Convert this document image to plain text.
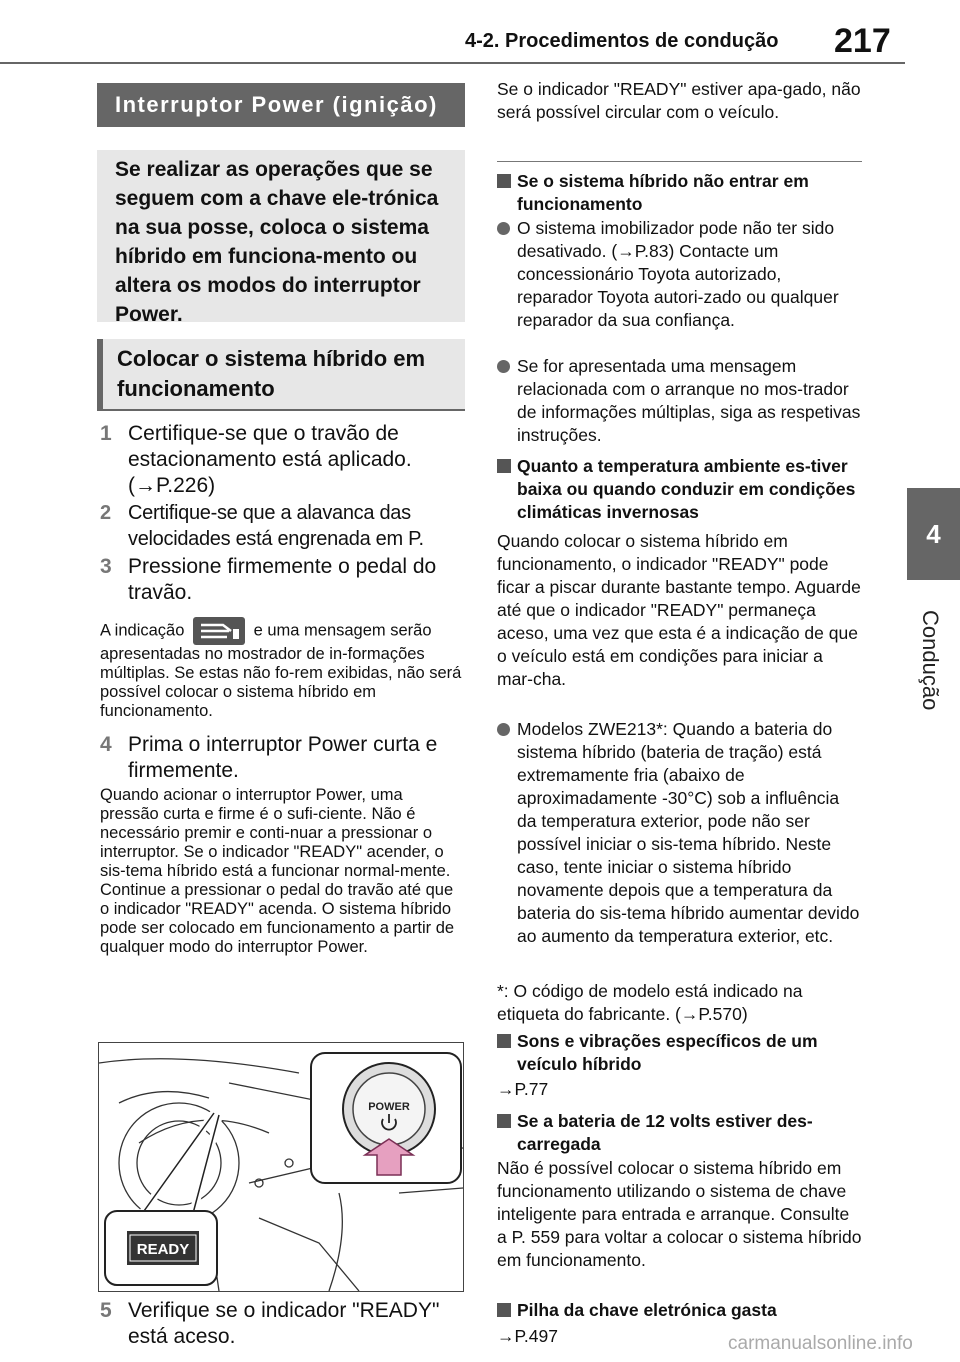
4-2. Procedimentos de condução 217
4
Condução
Interruptor Power (ignição)
Se realizar as operações que se seguem com a chave ele-trónica na sua posse, coloca o sistema híbrido em funciona-mento ou altera os modos do interruptor Power.
Colocar o sistema híbrido em funcionamento
1 Certifique-se que o travão de estacionamento está aplicado. (→P.226)
2 Certifique-se que a alavanca das velocidades está engrenada em P.
3 Pressione firmemente o pedal do travão.
A indicação	e uma mensagem serão apresentadas no mostrador de in-formações múltiplas. Se estas não fo-rem exibidas, não será possível colocar o sistema híbrido em funcionamento.
4 Prima o interruptor Power curta e firmemente.
Quando acionar o interruptor Power, uma pressão curta e firme é o sufi-ciente. Não é necessário premir e conti-nuar a pressionar o interruptor. Se o indicador "READY" acender, o sis-tema híbrido está a funcionar normal-mente. Continue a pressionar o pedal do travão até que o indicador "READY" acenda. O sistema híbrido pode ser colocado em funcionamento a partir de qualquer modo do interruptor Power.
POWER
READY
5 Verifique se o indicador "READY" está aceso.
Se o indicador "READY" estiver apa-gado, não será possível circular com o veículo.
Se o sistema híbrido não entrar em funcionamento
O sistema imobilizador pode não ter sido desativado. (→P.83) Contacte um concessionário Toyota autorizado, reparador Toyota autori-zado ou qualquer reparador da sua confiança.
Se for apresentada uma mensagem relacionada com o arranque no mos-trador de informações múltiplas, siga as respetivas instruções.
Quanto a temperatura ambiente es-tiver baixa ou quando conduzir em condições climáticas invernosas
Quando colocar o sistema híbrido em funcionamento, o indicador "READY" pode ficar a piscar durante bastante tempo. Aguarde até que o indicador "READY" permaneça aceso, uma vez que esta é a indicação de que o veículo está em condições para iniciar a mar-cha.
Modelos ZWE213*: Quando a bateria do sistema híbrido (bateria de tração) está extremamente fria (abaixo de aproximadamente -30°C) sob a influência da temperatura exterior, pode não ser possível iniciar o sis-tema híbrido. Neste caso, tente iniciar o sistema híbrido novamente depois que a temperatura da bateria do sis-tema híbrido aumentar devido ao aumento da temperatura exterior, etc.
*: O código de modelo está indicado na etiqueta do fabricante. (→P.570)
Sons e vibrações específicos de um veículo híbrido
→P.77
Se a bateria de 12 volts estiver des-carregada
Não é possível colocar o sistema híbrido em funcionamento utilizando o sistema de chave inteligente para entrada e arranque. Consulte a P. 559 para voltar a colocar o sistema híbrido em funcionamento.
Pilha da chave eletrónica gasta
→P.497	carmanualsonline.info
